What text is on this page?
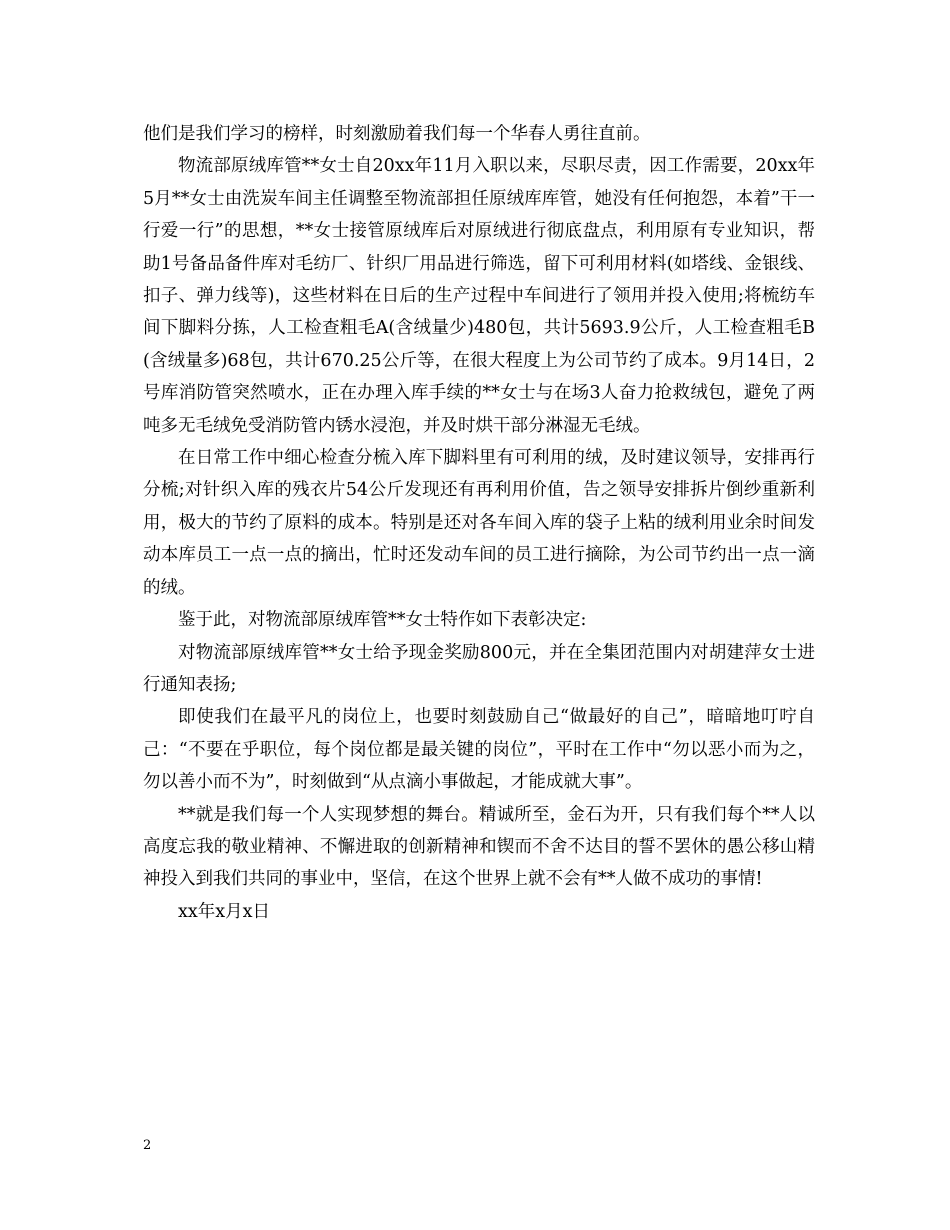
他们是我们学习的榜样，时刻激励着我们每一个华春人勇往直前。

物流部原绒库管**女士自20xx年11月入职以来，尽职尽责，因工作需要，20xx年5月**女士由洗炭车间主任调整至物流部担任原绒库库管，她没有任何抱怨，本着”干一行爱一行”的思想，**女士接管原绒库后对原绒进行彻底盘点，利用原有专业知识，帮助1号备品备件库对毛纺厂、针织厂用品进行筛选，留下可利用材料(如塔线、金银线、扣子、弹力线等)，这些材料在日后的生产过程中车间进行了领用并投入使用;将梳纺车间下脚料分拣，人工检查粗毛A(含绒量少)480包，共计5693.9公斤，人工检查粗毛B(含绒量多)68包，共计670.25公斤等，在很大程度上为公司节约了成本。9月14日，2号库消防管突然喷水，正在办理入库手续的**女士与在场3人奋力抢救绒包，避免了两吨多无毛绒免受消防管内锈水浸泡，并及时烘干部分淋湿无毛绒。

在日常工作中细心检查分梳入库下脚料里有可利用的绒，及时建议领导，安排再行分梳;对针织入库的残衣片54公斤发现还有再利用价值，告之领导安排拆片倒纱重新利用，极大的节约了原料的成本。特别是还对各车间入库的袋子上粘的绒利用业余时间发动本库员工一点一点的摘出，忙时还发动车间的员工进行摘除，为公司节约出一点一滴的绒。

鉴于此，对物流部原绒库管**女士特作如下表彰决定:

对物流部原绒库管**女士给予现金奖励800元，并在全集团范围内对胡建萍女士进行通知表扬;

即使我们在最平凡的岗位上，也要时刻鼓励自己“做最好的自己”，暗暗地叮咛自己：“不要在乎职位，每个岗位都是最关键的岗位”，平时在工作中“勿以恶小而为之，勿以善小而不为”，时刻做到“从点滴小事做起，才能成就大事”。

**就是我们每一个人实现梦想的舞台。精诚所至，金石为开，只有我们每个**人以高度忘我的敬业精神、不懈进取的创新精神和锲而不舍不达目的誓不罢休的愚公移山精神投入到我们共同的事业中，坚信，在这个世界上就不会有**人做不成功的事情!

xx年x月x日

2
